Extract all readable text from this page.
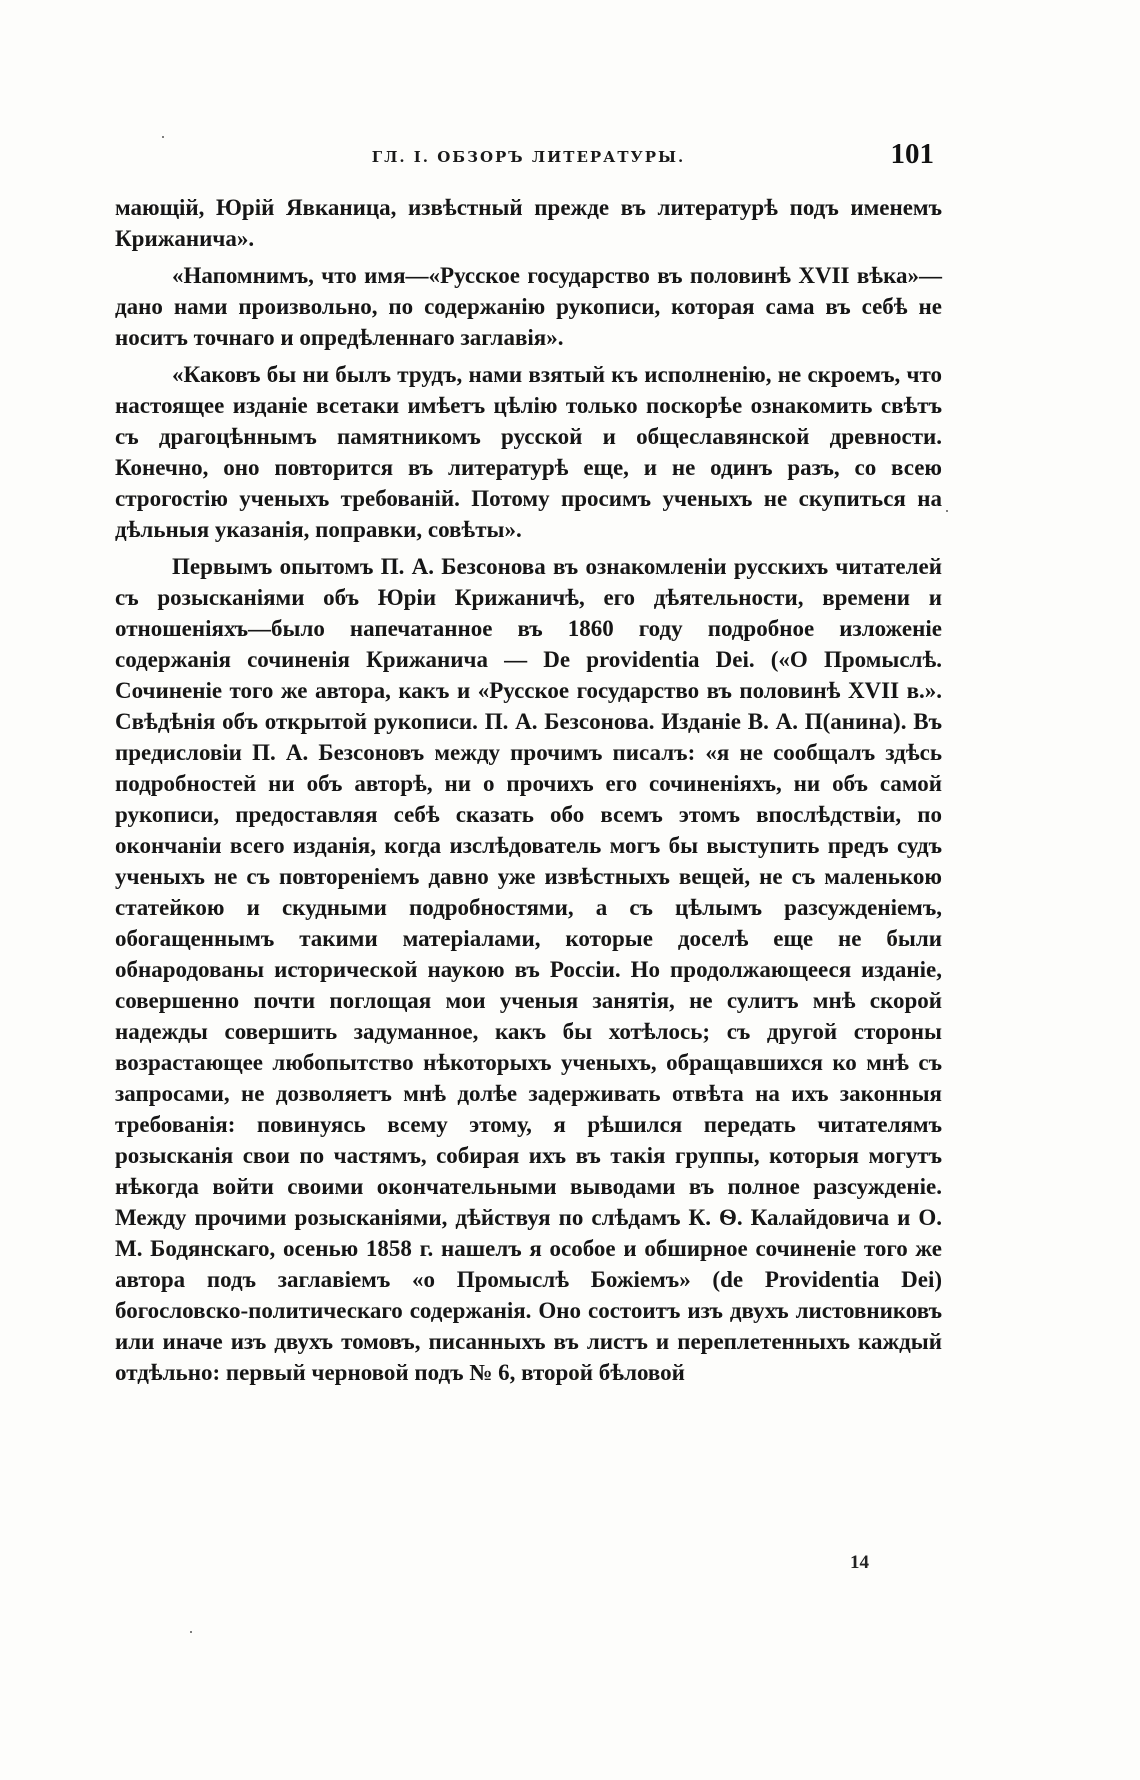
ГЛ. I. ОБЗОРЪ ЛИТЕРАТУРЫ.	101

мающій, Юрій Явканица, извѣстный прежде въ литературѣ подъ именемъ Крижанича».

«Напомнимъ, что имя—«Русское государство въ половинѣ XVII вѣка»—дано нами произвольно, по содержанію рукописи, которая сама въ себѣ не носитъ точнаго и опредѣленнаго заглавія».

«Каковъ бы ни былъ трудъ, нами взятый къ исполненію, не скроемъ, что настоящее изданіе всетаки имѣетъ цѣлію только поскорѣе ознакомить свѣтъ съ драгоцѣннымъ памятникомъ русской и общеславянской древности. Конечно, оно повторится въ литературѣ еще, и не одинъ разъ, со всею строгостію ученыхъ требованій. Потому просимъ ученыхъ не скупиться на дѣльныя указанія, поправки, совѣты».

Первымъ опытомъ П. А. Безсонова въ ознакомленіи русскихъ читателей съ розысканіями объ Юріи Крижаничѣ, его дѣятельности, времени и отношеніяхъ—было напечатанное въ 1860 году подробное изложеніе содержанія сочиненія Крижанича — De providentia Dei. («О Промыслѣ. Сочиненіе того же автора, какъ и «Русское государство въ половинѣ XVII в.». Свѣдѣнія объ открытой рукописи. П. А. Безсонова. Изданіе В. А. П(анина). Въ предисловіи П. А. Безсоновъ между прочимъ писалъ: «я не сообщалъ здѣсь подробностей ни объ авторѣ, ни о прочихъ его сочиненіяхъ, ни объ самой рукописи, предоставляя себѣ сказать обо всемъ этомъ впослѣдствіи, по окончаніи всего изданія, когда изслѣдователь могъ бы выступить предъ судъ ученыхъ не съ повтореніемъ давно уже извѣстныхъ вещей, не съ маленькою статейкою и скудными подробностями, а съ цѣлымъ разсужденіемъ, обогащеннымъ такими матеріалами, которые доселѣ еще не были обнародованы исторической наукою въ Россіи. Но продолжающееся изданіе, совершенно почти поглощая мои ученыя занятія, не сулитъ мнѣ скорой надежды совершить задуманное, какъ бы хотѣлось; съ другой стороны возрастающее любопытство нѣкоторыхъ ученыхъ, обращавшихся ко мнѣ съ запросами, не дозволяетъ мнѣ долѣе задерживать отвѣта на ихъ законныя требованія: повинуясь всему этому, я рѣшился передать читателямъ розысканія свои по частямъ, собирая ихъ въ такія группы, которыя могутъ нѣкогда войти своими окончательными выводами въ полное разсужденіе. Между прочими розысканіями, дѣйствуя по слѣдамъ К. Ѳ. Калайдовича и О. М. Бодянскаго, осенью 1858 г. нашелъ я особое и обширное сочиненіе того же автора подъ заглавіемъ «о Промыслѣ Божіемъ» (de Providentia Dei) богословско-политическаго содержанія. Оно состоитъ изъ двухъ листовниковъ или иначе изъ двухъ томовъ, писанныхъ въ листъ и переплетенныхъ каждый отдѣльно: первый черновой подъ № 6, второй бѣловой

14
